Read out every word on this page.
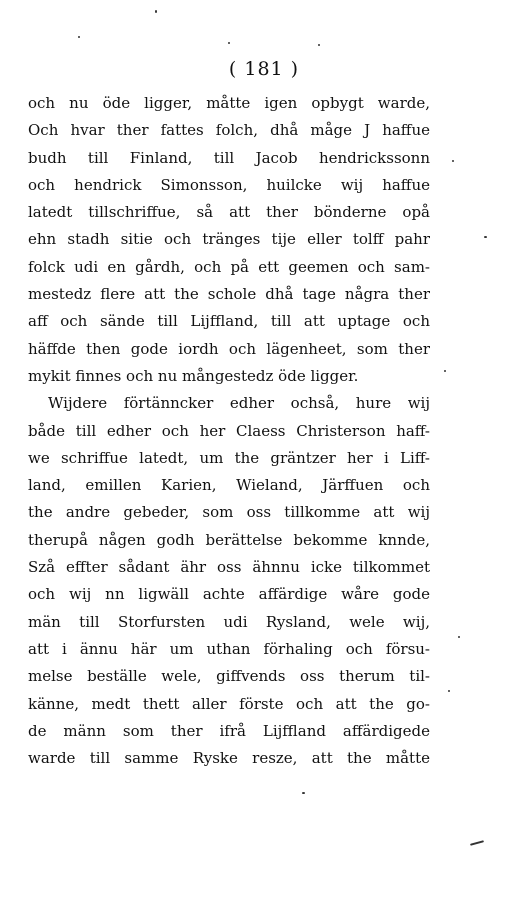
( 181 )
och nu öde ligger, måtte igen opbygt warde,
Och hvar ther fattes folch, dhå måge J haffue
budh till Finland, till Jacob hendrickssonn
och hendrick Simonsson, huilcke wij haffue
latedt tillschriffue, så att ther bönderne opå
ehn stadh sitie och tränges tije eller tolff pahr
folck udi en gårdh, och på ett geemen och sam-
mestedz flere att the schole dhå tage några ther
aff och sände till Lijffland, till att uptage och
häffde then gode iordh och lägenheet, som ther
mykit finnes och nu mångestedz öde ligger.
Wijdere förtänncker edher ochså, hure wij
både till edher och her Claess Christerson haff-
we schriffue latedt, um the gräntzer her i Liff-
land, emillen Karien, Wieland, Järffuen och
the andre gebeder, som oss tillkomme att wij
therupå någen godh berättelse bekomme knnde,
Szå effter sådant ähr oss ähnnu icke tilkommet
och wij nn ligwäll achte affärdige wåre gode
män till Storfursten udi Rysland, wele wij,
att i ännu här um uthan förhaling och försu-
melse beställe wele, giffvends oss therum til-
känne, medt thett aller förste och att the go-
de männ som ther ifrå Lijffland affärdigede
warde till samme Ryske resze, att the måtte
